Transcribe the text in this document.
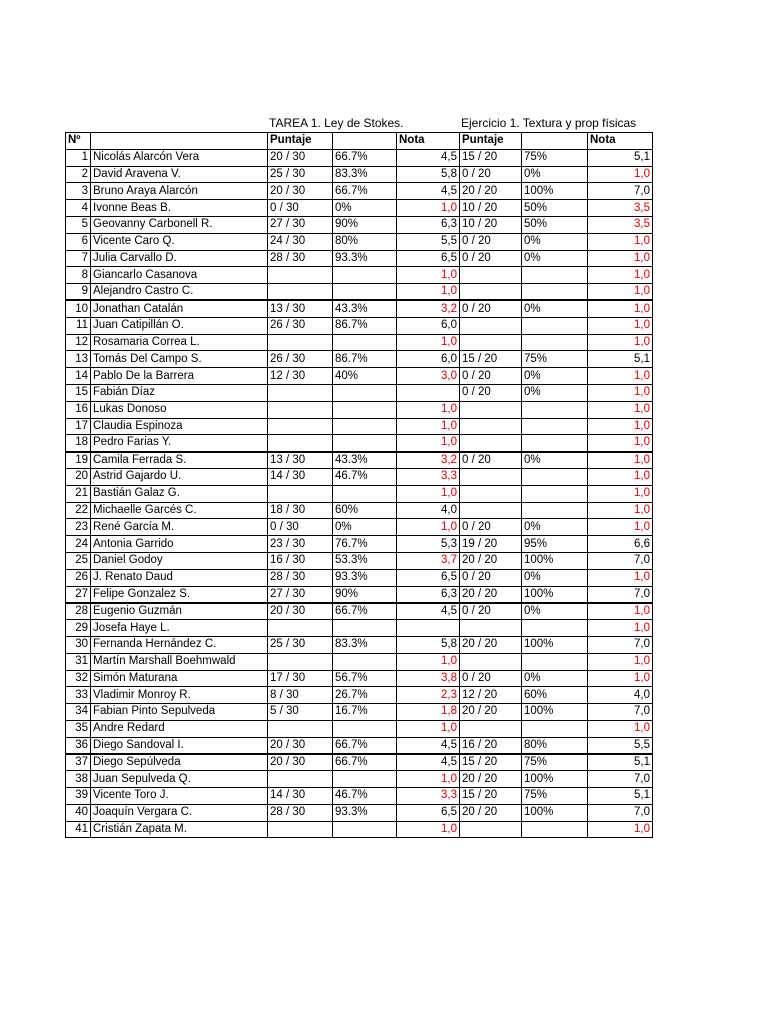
TAREA 1. Ley de Stokes.	Ejercicio 1. Textura y prop físicas
Nº		Puntaje		Nota	Puntaje		Nota
1	Nicolás Alarcón Vera	20 / 30	66.7%	4,5	15 / 20	75%	5,1
2	David Aravena V.	25 / 30	83.3%	5,8	0 / 20	0%	1,0
3	Bruno Araya Alarcón	20 / 30	66.7%	4,5	20 / 20	100%	7,0
4	Ivonne Beas B.	0 / 30	0%	1,0	10 / 20	50%	3,5
5	Geovanny Carbonell R.	27 / 30	90%	6,3	10 / 20	50%	3,5
6	Vicente Caro Q.	24 / 30	80%	5,5	0 / 20	0%	1,0
7	Julia Carvallo D.	28 / 30	93.3%	6,5	0 / 20	0%	1,0
8	Giancarlo Casanova			1,0			1,0
9	Alejandro Castro C.			1,0			1,0
10	Jonathan Catalán	13 / 30	43.3%	3,2	0 / 20	0%	1,0
11	Juan Catipillán O.	26 / 30	86.7%	6,0			1,0
12	Rosamaria Correa L.			1,0			1,0
13	Tomás Del Campo S.	26 / 30	86.7%	6,0	15 / 20	75%	5,1
14	Pablo De la Barrera	12 / 30	40%	3,0	0 / 20	0%	1,0
15	Fabián Díaz				0 / 20	0%	1,0
16	Lukas Donoso			1,0			1,0
17	Claudia Espinoza			1,0			1,0
18	Pedro Farias Y.			1,0			1,0
19	Camila Ferrada S.	13 / 30	43.3%	3,2	0 / 20	0%	1,0
20	Astrid Gajardo U.	14 / 30	46.7%	3,3			1,0
21	Bastián Galaz G.			1,0			1,0
22	Michaelle Garcés C.	18 / 30	60%	4,0			1,0
23	René García M.	0 / 30	0%	1,0	0 / 20	0%	1,0
24	Antonia Garrido	23 / 30	76.7%	5,3	19 / 20	95%	6,6
25	Daniel Godoy	16 / 30	53.3%	3,7	20 / 20	100%	7,0
26	J. Renato Daud	28 / 30	93.3%	6,5	0 / 20	0%	1,0
27	Felipe Gonzalez S.	27 / 30	90%	6,3	20 / 20	100%	7,0
28	Eugenio Guzmán	20 / 30	66.7%	4,5	0 / 20	0%	1,0
29	Josefa Haye L.						1,0
30	Fernanda Hernández C.	25 / 30	83.3%	5,8	20 / 20	100%	7,0
31	Martín Marshall Boehmwald			1,0			1,0
32	Simón Maturana	17 / 30	56.7%	3,8	0 / 20	0%	1,0
33	Vladimir Monroy R.	8 / 30	26.7%	2,3	12 / 20	60%	4,0
34	Fabian Pinto Sepulveda	5 / 30	16.7%	1,8	20 / 20	100%	7,0
35	Andre Redard			1,0			1,0
36	Diego Sandoval I.	20 / 30	66.7%	4,5	16 / 20	80%	5,5
37	Diego Sepúlveda	20 / 30	66.7%	4,5	15 / 20	75%	5,1
38	Juan Sepulveda Q.			1,0	20 / 20	100%	7,0
39	Vicente Toro J.	14 / 30	46.7%	3,3	15 / 20	75%	5,1
40	Joaquín Vergara C.	28 / 30	93.3%	6,5	20 / 20	100%	7,0
41	Cristián Zapata M.			1,0			1,0
